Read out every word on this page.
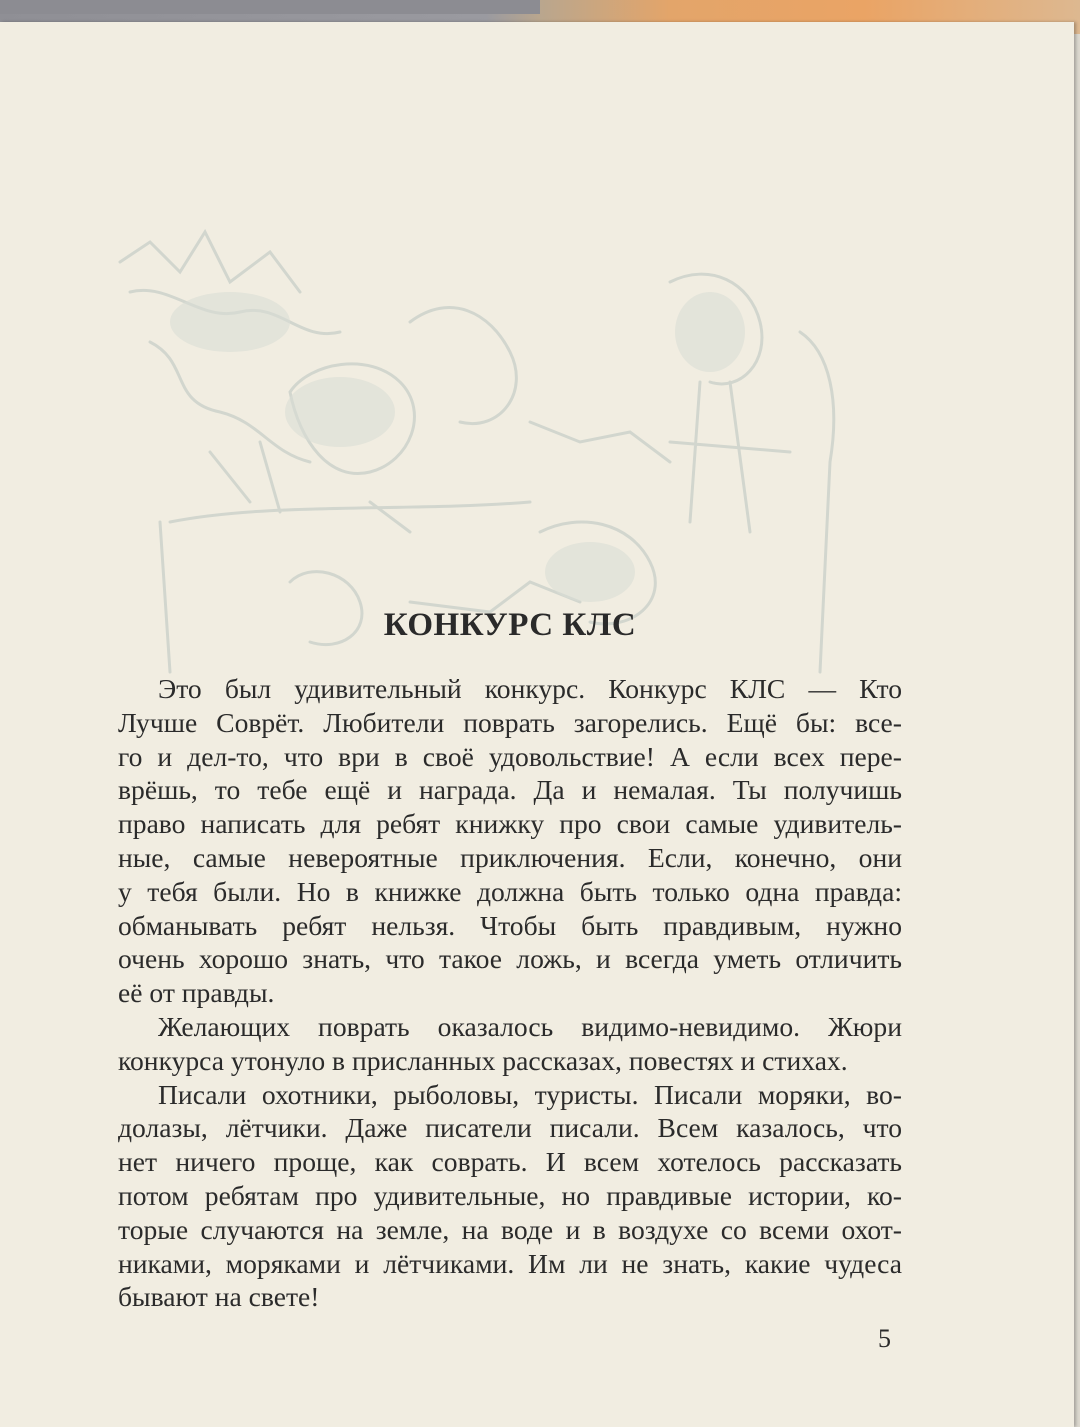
КОНКУРС КЛС
Это был удивительный конкурс. Конкурс КЛС — Кто
Лучше Соврёт. Любители поврать загорелись. Ещё бы: все-
го и дел-то, что ври в своё удовольствие! А если всех пере-
врёшь, то тебе ещё и награда. Да и немалая. Ты получишь
право написать для ребят книжку про свои самые удивитель-
ные, самые невероятные приключения. Если, конечно, они
у тебя были. Но в книжке должна быть только одна правда:
обманывать ребят нельзя. Чтобы быть правдивым, нужно
очень хорошо знать, что такое ложь, и всегда уметь отличить
её от правды.
Желающих поврать оказалось видимо-невидимо. Жюри
конкурса утонуло в присланных рассказах, повестях и стихах.
Писали охотники, рыболовы, туристы. Писали моряки, во-
долазы, лётчики. Даже писатели писали. Всем казалось, что
нет ничего проще, как соврать. И всем хотелось рассказать
потом ребятам про удивительные, но правдивые истории, ко-
торые случаются на земле, на воде и в воздухе со всеми охот-
никами, моряками и лётчиками. Им ли не знать, какие чудеса
бывают на свете!
5
